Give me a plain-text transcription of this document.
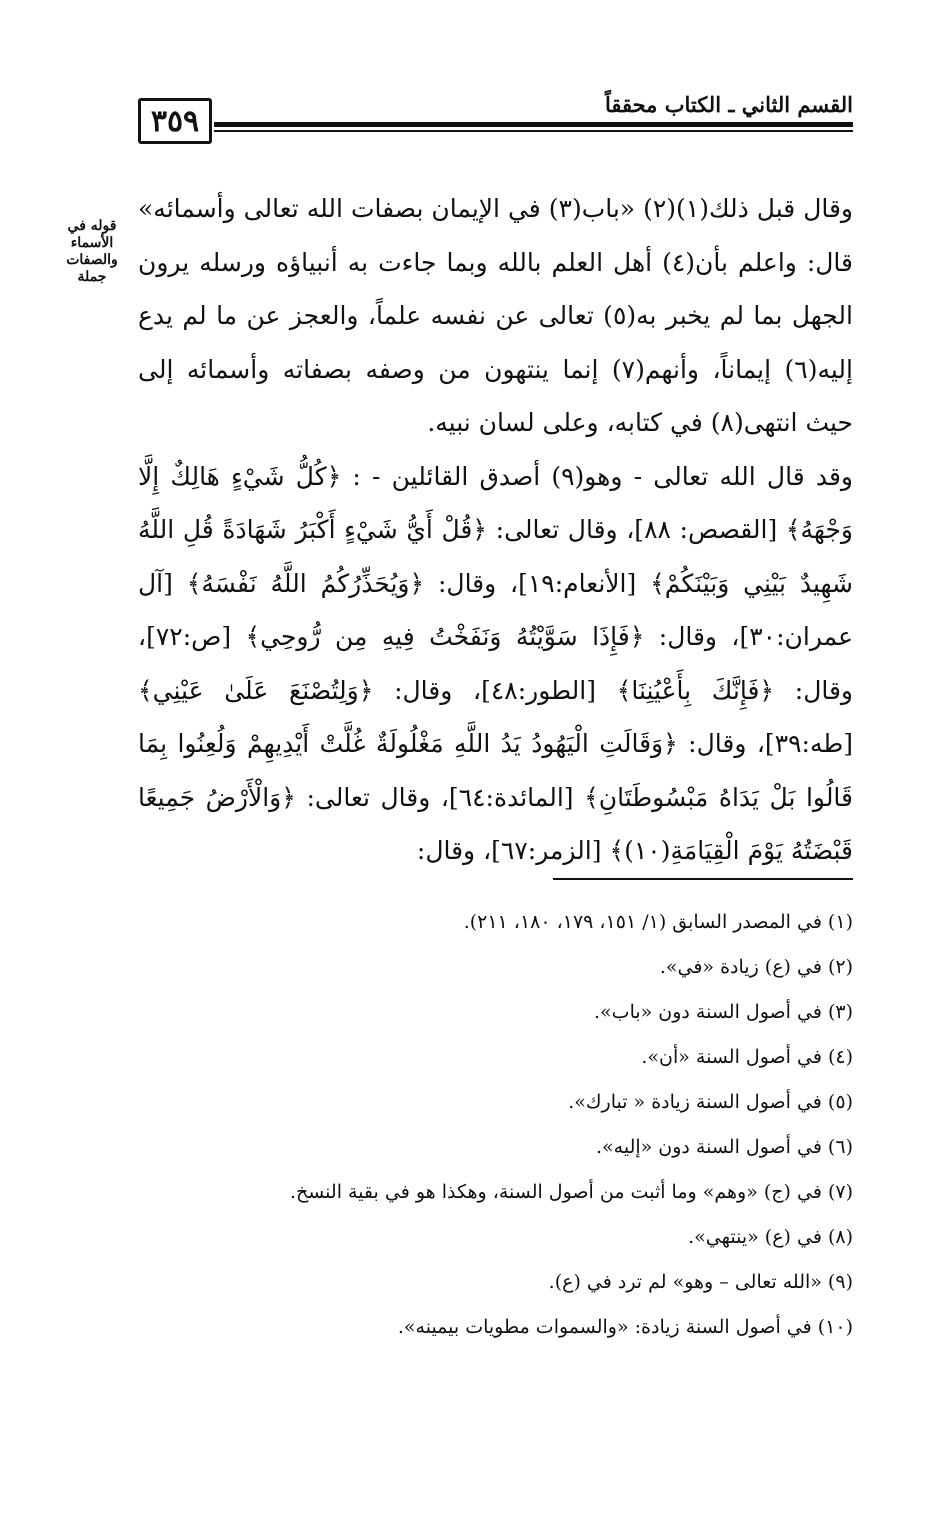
٣٥٩	القسم الثاني ـ الكتاب محققاً
قوله في الأسماء والصفات جملة

وقال قبل ذلك(١)(٢) «باب(٣) في الإيمان بصفات الله تعالى وأسمائه» قال: واعلم بأن(٤) أهل العلم بالله وبما جاءت به أنبياؤه ورسله يرون الجهل بما لم يخبر به(٥) تعالى عن نفسه علماً، والعجز عن ما لم يدع إليه(٦) إيماناً، وأنهم(٧) إنما ينتهون من وصفه بصفاته وأسمائه إلى حيث انتهى(٨) في كتابه، وعلى لسان نبيه.

وقد قال الله تعالى - وهو(٩) أصدق القائلين - : ﴿كُلُّ شَيْءٍ هَالِكٌ إِلَّا وَجْهَهُ﴾ [القصص: ٨٨]، وقال تعالى: ﴿قُلْ أَيُّ شَيْءٍ أَكْبَرُ شَهَادَةً قُلِ اللَّهُ شَهِيدٌ بَيْنِي وَبَيْنَكُمْ﴾ [الأنعام:١٩]، وقال: ﴿وَيُحَذِّرُكُمُ اللَّهُ نَفْسَهُ﴾ [آل عمران:٣٠]، وقال: ﴿فَإِذَا سَوَّيْتُهُ وَنَفَخْتُ فِيهِ مِن رُّوحِي﴾ [ص:٧٢]، وقال: ﴿فَإِنَّكَ بِأَعْيُنِنَا﴾ [الطور:٤٨]، وقال: ﴿وَلِتُصْنَعَ عَلَىٰ عَيْنِي﴾ [طه:٣٩]، وقال: ﴿وَقَالَتِ الْيَهُودُ يَدُ اللَّهِ مَغْلُولَةٌ غُلَّتْ أَيْدِيهِمْ وَلُعِنُوا بِمَا قَالُوا بَلْ يَدَاهُ مَبْسُوطَتَانِ﴾ [المائدة:٦٤]، وقال تعالى: ﴿وَالْأَرْضُ جَمِيعًا قَبْضَتُهُ يَوْمَ الْقِيَامَةِ(١٠)﴾ [الزمر:٦٧]، وقال:

(١) في المصدر السابق (١/ ١٥١، ١٧٩، ١٨٠، ٢١١).

(٢) في (ع) زيادة «في».

(٣) في أصول السنة دون «باب».

(٤) في أصول السنة «أن».

(٥) في أصول السنة زيادة « تبارك».

(٦) في أصول السنة دون «إليه».

(٧) في (ج) «وهم» وما أثبت من أصول السنة، وهكذا هو في بقية النسخ.

(٨) في (ع) «ينتهي».

(٩) «الله تعالى – وهو» لم ترد في (ع).

(١٠) في أصول السنة زيادة: «والسموات مطويات بيمينه».
